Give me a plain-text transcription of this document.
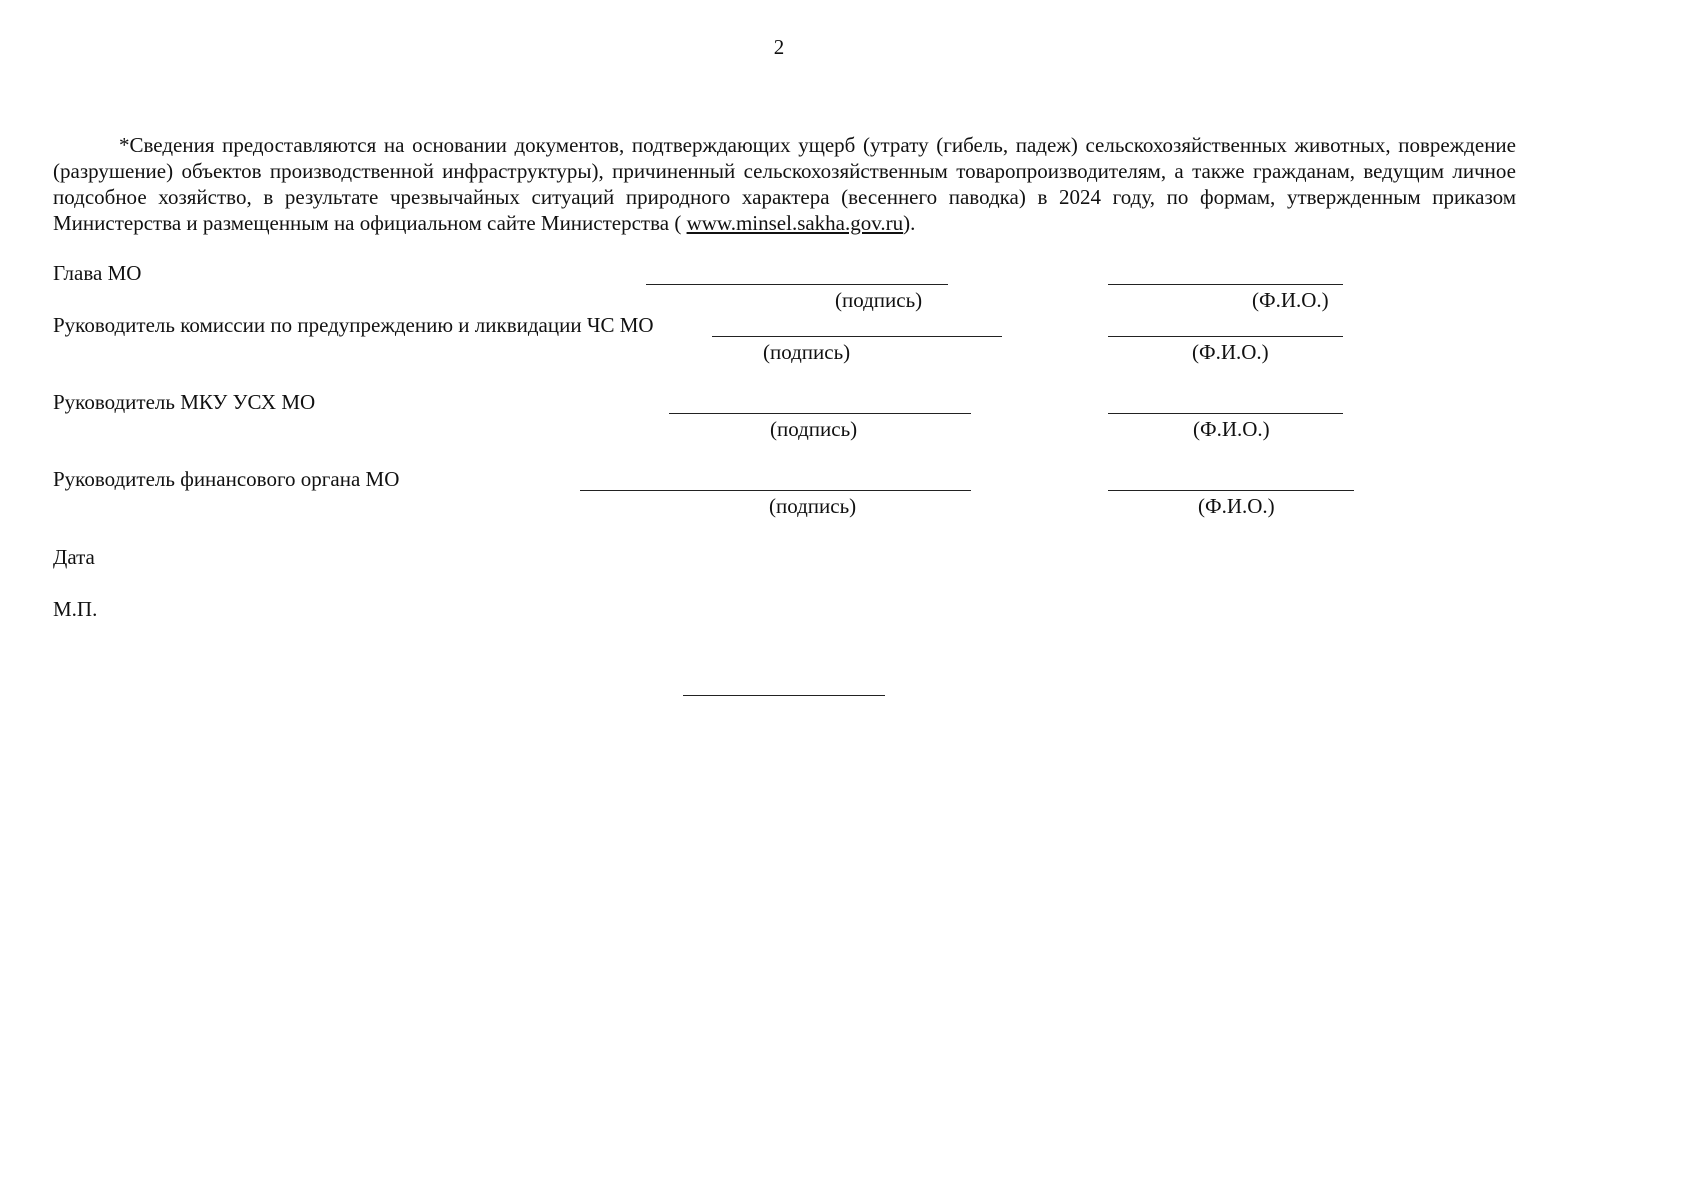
2

*Сведения предоставляются на основании документов, подтверждающих ущерб (утрату (гибель, падеж) сельскохозяйственных животных, повреждение (разрушение) объектов производственной инфраструктуры), причиненный сельскохозяйственным товаропроизводителям, а также гражданам, ведущим личное подсобное хозяйство, в результате чрезвычайных ситуаций природного характера (весеннего паводка) в 2024 году, по формам, утвержденным приказом Министерства и размещенным на официальном сайте Министерства ( www.minsel.sakha.gov.ru).

Глава МО
(подпись)	(Ф.И.О.)
Руководитель комиссии по предупреждению и ликвидации ЧС МО
(подпись)	(Ф.И.О.)
Руководитель МКУ УСХ МО
(подпись)	(Ф.И.О.)
Руководитель финансового органа МО
(подпись)	(Ф.И.О.)
Дата
М.П.
